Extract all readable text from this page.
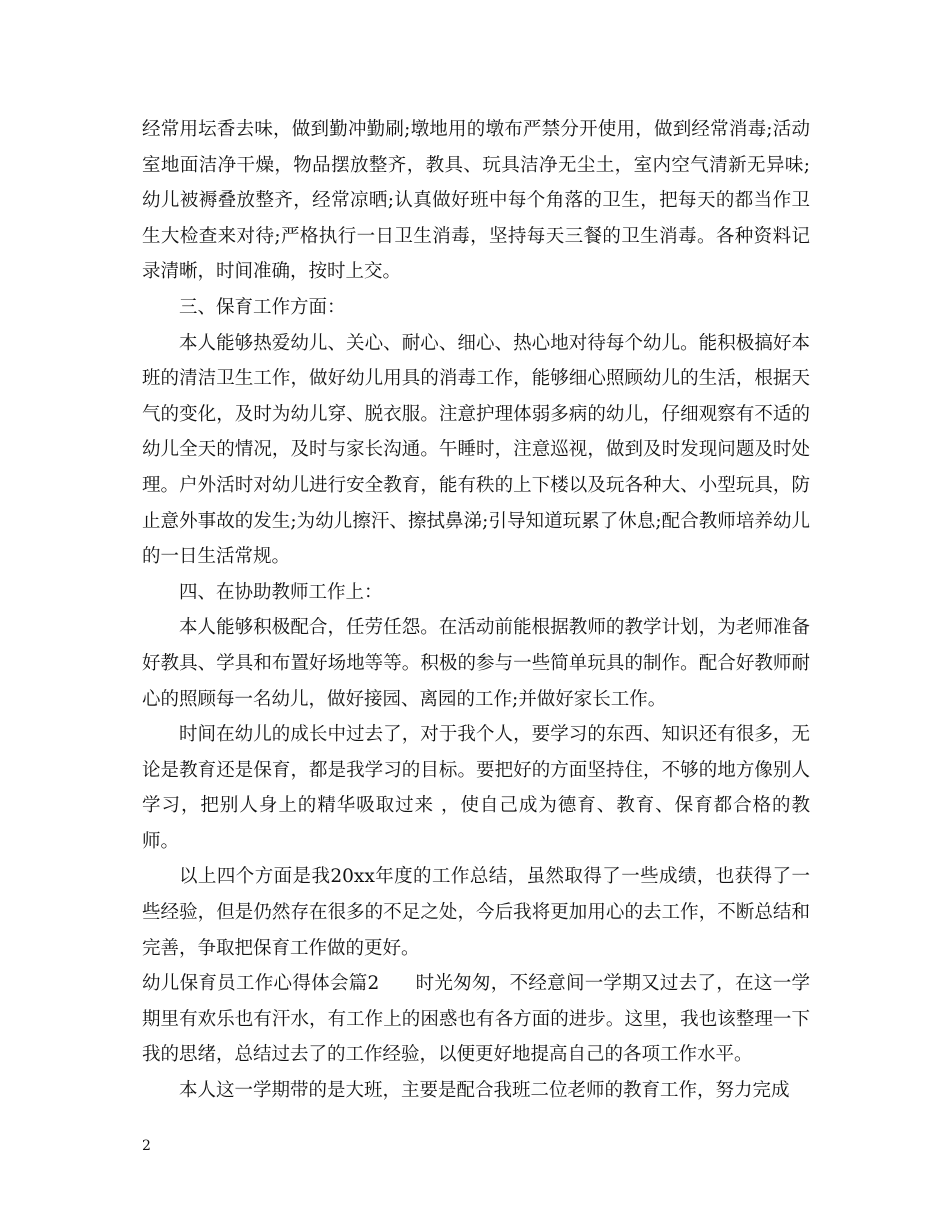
经常用坛香去味，做到勤冲勤刷;墩地用的墩布严禁分开使用，做到经常消毒;活动室地面洁净干燥，物品摆放整齐，教具、玩具洁净无尘土，室内空气清新无异味;幼儿被褥叠放整齐，经常凉晒;认真做好班中每个角落的卫生，把每天的都当作卫生大检查来对待;严格执行一日卫生消毒，坚持每天三餐的卫生消毒。各种资料记录清晰，时间准确，按时上交。

三、保育工作方面：

本人能够热爱幼儿、关心、耐心、细心、热心地对待每个幼儿。能积极搞好本班的清洁卫生工作，做好幼儿用具的消毒工作，能够细心照顾幼儿的生活，根据天气的变化，及时为幼儿穿、脱衣服。注意护理体弱多病的幼儿，仔细观察有不适的幼儿全天的情况，及时与家长沟通。午睡时，注意巡视，做到及时发现问题及时处理。户外活时对幼儿进行安全教育，能有秩的上下楼以及玩各种大、小型玩具，防止意外事故的发生;为幼儿擦汗、擦拭鼻涕;引导知道玩累了休息;配合教师培养幼儿的一日生活常规。

四、在协助教师工作上：

本人能够积极配合，任劳任怨。在活动前能根据教师的教学计划，为老师准备好教具、学具和布置好场地等等。积极的参与一些简单玩具的制作。配合好教师耐心的照顾每一名幼儿，做好接园、离园的工作;并做好家长工作。

时间在幼儿的成长中过去了，对于我个人，要学习的东西、知识还有很多，无论是教育还是保育，都是我学习的目标。要把好的方面坚持住，不够的地方像别人学习，把别人身上的精华吸取过来 ，使自己成为德育、教育、保育都合格的教师。

以上四个方面是我20xx年度的工作总结，虽然取得了一些成绩，也获得了一些经验，但是仍然存在很多的不足之处，今后我将更加用心的去工作，不断总结和完善，争取把保育工作做的更好。

幼儿保育员工作心得体会篇2 时光匆匆，不经意间一学期又过去了，在这一学期里有欢乐也有汗水，有工作上的困惑也有各方面的进步。这里，我也该整理一下我的思绪，总结过去了的工作经验，以便更好地提高自己的各项工作水平。

本人这一学期带的是大班，主要是配合我班二位老师的教育工作，努力完成

2
